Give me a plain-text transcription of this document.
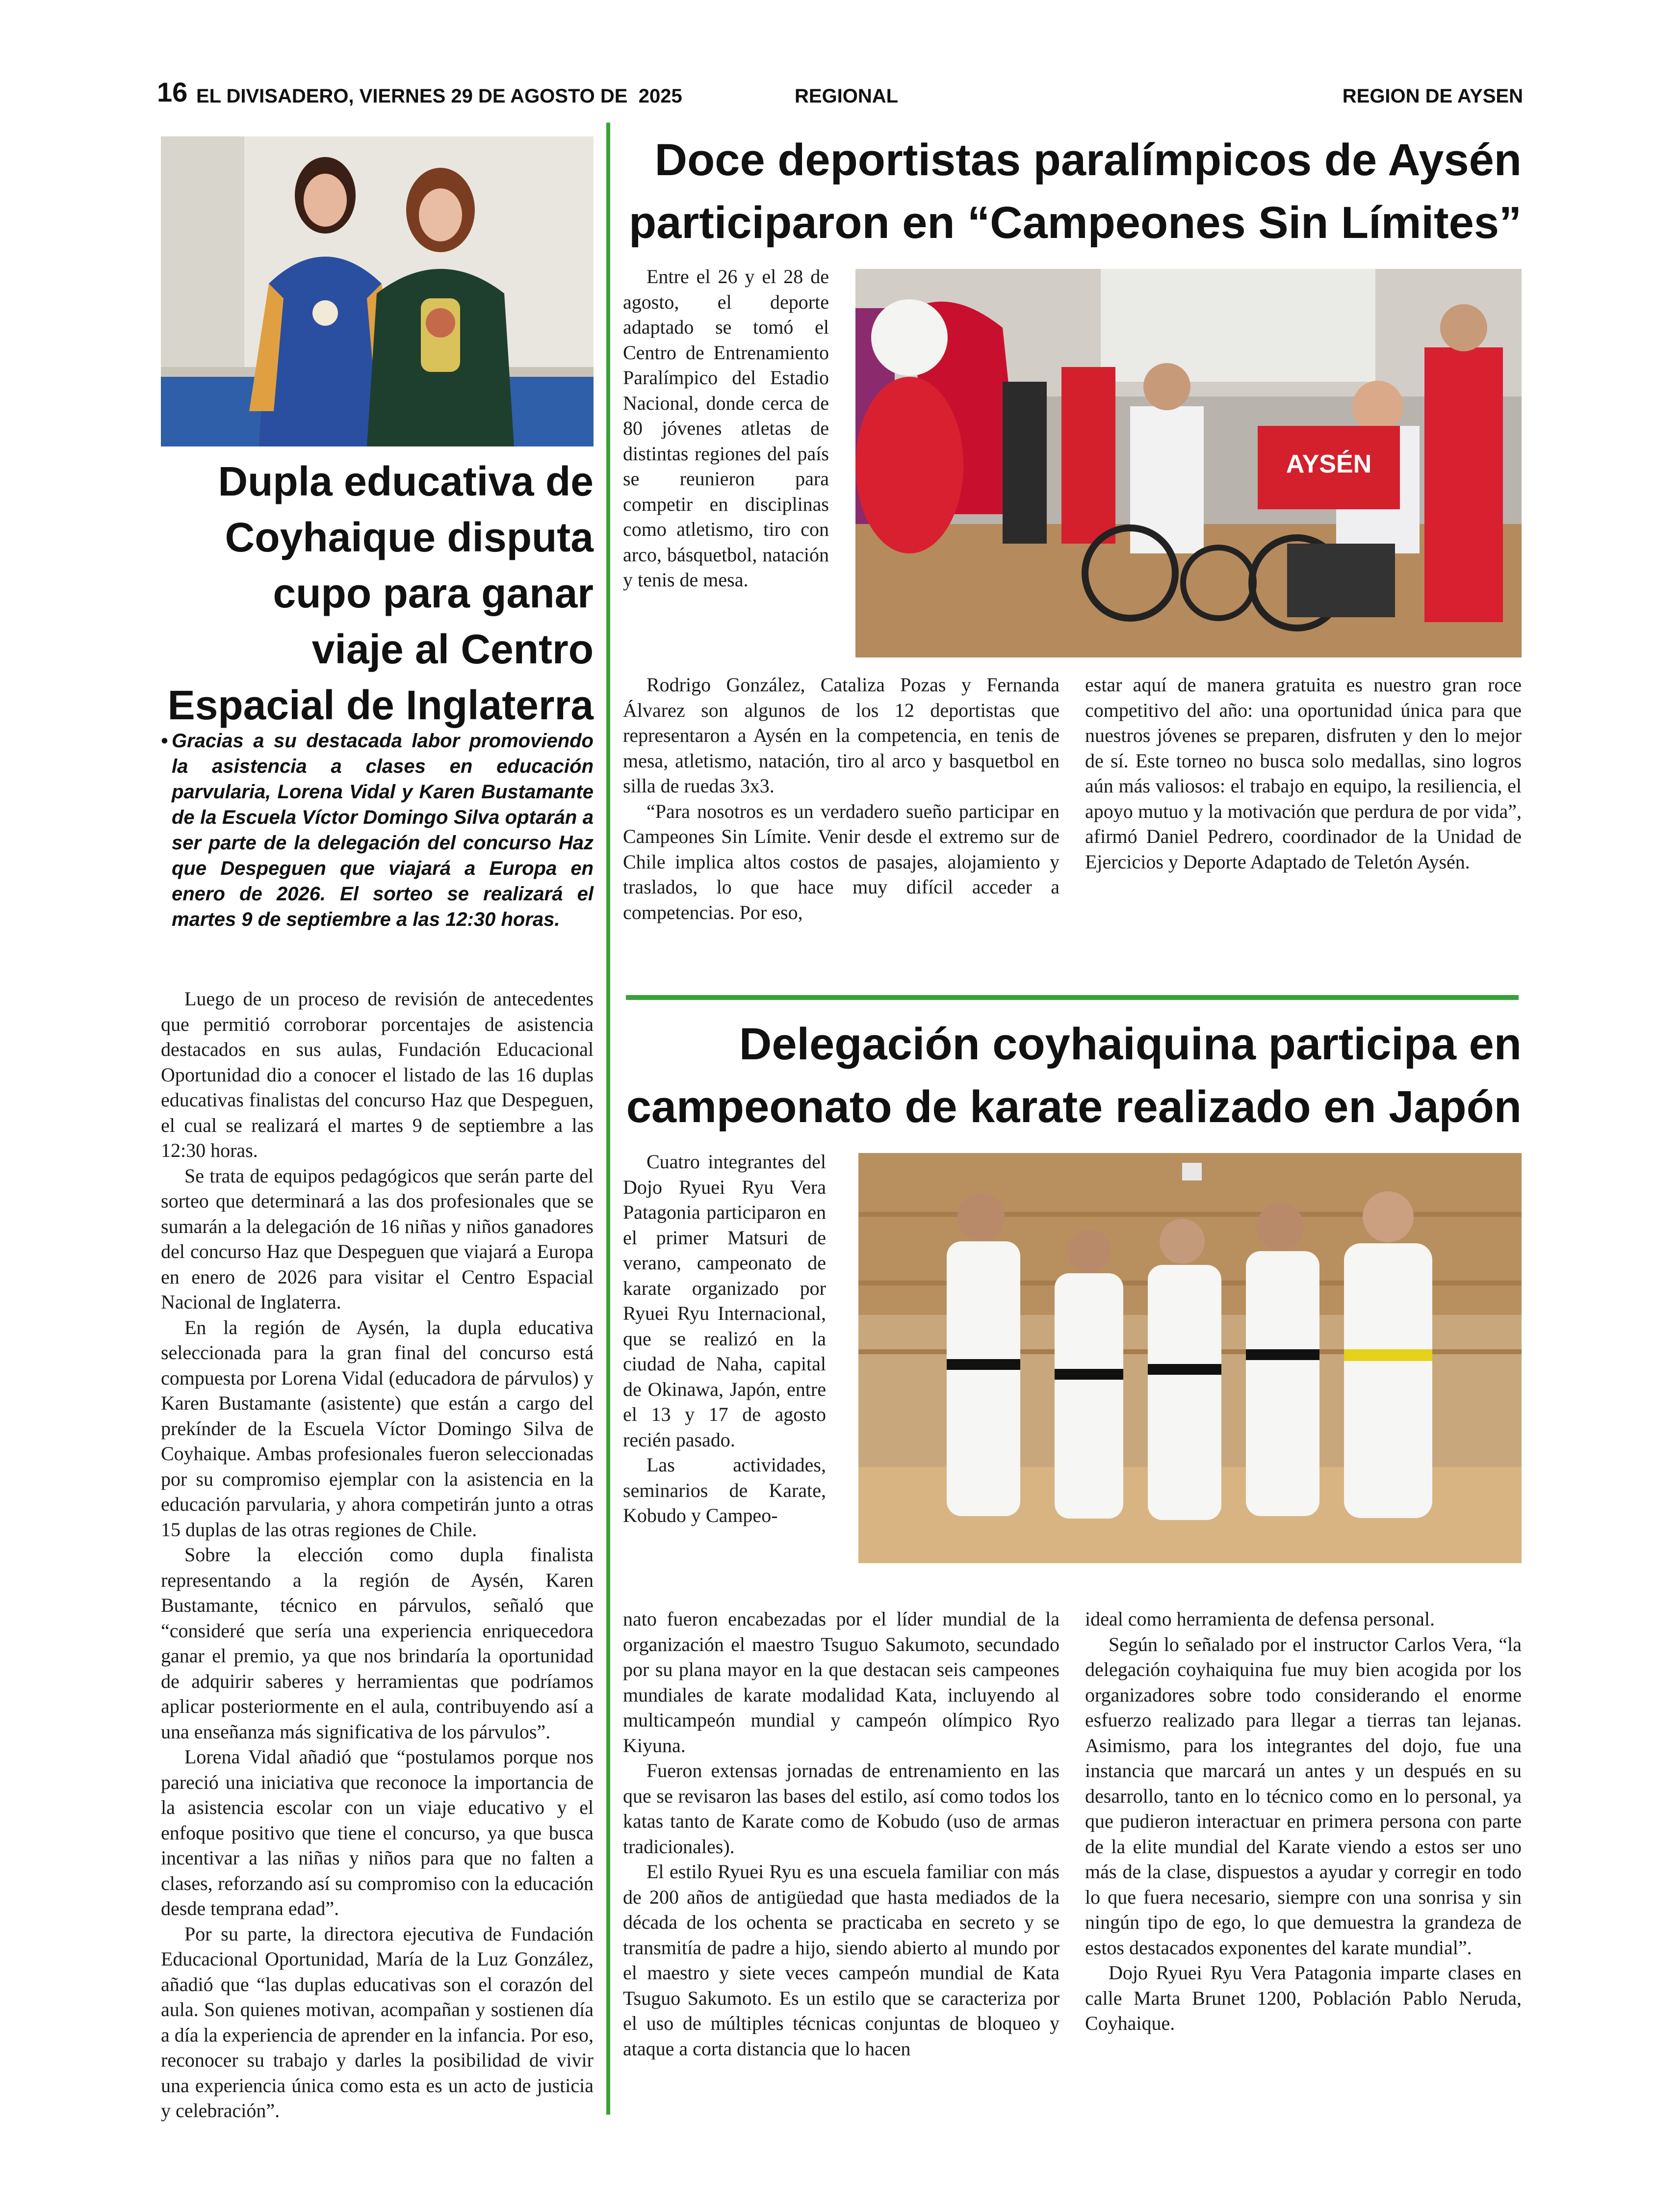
16 EL DIVISADERO, VIERNES 29 DE AGOSTO DE  2025	REGIONAL	REGION DE AYSEN
Dupla educativa de
Coyhaique disputa
cupo para ganar
viaje al Centro
Espacial de Inglaterra
• Gracias a su destacada labor promoviendo la asistencia a clases en educación parvularia, Lorena Vidal y Karen Bustamante de la Escuela Víctor Domingo Silva optarán a ser parte de la delegación del concurso Haz que Despeguen que viajará a Europa en enero de 2026. El sorteo se realizará el martes 9 de septiembre a las 12:30 horas.

Luego de un proceso de revisión de antecedentes que permitió corroborar porcentajes de asistencia destacados en sus aulas, Fundación Educacional Oportunidad dio a conocer el listado de las 16 duplas educativas finalistas del concurso Haz que Despeguen, el cual se realizará el martes 9 de septiembre a las 12:30 horas.

Se trata de equipos pedagógicos que serán parte del sorteo que determinará a las dos profesionales que se sumarán a la delegación de 16 niñas y niños ganadores del concurso Haz que Despeguen que viajará a Europa en enero de 2026 para visitar el Centro Espacial Nacional de Inglaterra.

En la región de Aysén, la dupla educativa seleccionada para la gran final del concurso está compuesta por Lorena Vidal (educadora de párvulos) y Karen Bustamante (asistente) que están a cargo del prekínder de la Escuela Víctor Domingo Silva de Coyhaique. Ambas profesionales fueron seleccionadas por su compromiso ejemplar con la asistencia en la educación parvularia, y ahora competirán junto a otras 15 duplas de las otras regiones de Chile.

Sobre la elección como dupla finalista representando a la región de Aysén, Karen Bustamante, técnico en párvulos, señaló que “consideré que sería una experiencia enriquecedora ganar el premio, ya que nos brindaría la oportunidad de adquirir saberes y herramientas que podríamos aplicar posteriormente en el aula, contribuyendo así a una enseñanza más significativa de los párvulos”.

Lorena Vidal añadió que “postulamos porque nos pareció una iniciativa que reconoce la importancia de la asistencia escolar con un viaje educativo y el enfoque positivo que tiene el concurso, ya que busca incentivar a las niñas y niños para que no falten a clases, reforzando así su compromiso con la educación desde temprana edad”.

Por su parte, la directora ejecutiva de Fundación Educacional Oportunidad, María de la Luz González, añadió que “las duplas educativas son el corazón del aula. Son quienes motivan, acompañan y sostienen día a día la experiencia de aprender en la infancia. Por eso, reconocer su trabajo y darles la posibilidad de vivir una experiencia única como esta es un acto de justicia y celebración”.

Doce deportistas paralímpicos de Aysén
participaron en “Campeones Sin Límites”

Entre el 26 y el 28 de agosto, el deporte adaptado se tomó el Centro de Entrenamiento Paralímpico del Estadio Nacional, donde cerca de 80 jóvenes atletas de distintas regiones del país se reunieron para competir en disciplinas como atletismo, tiro con arco, básquetbol, natación y tenis de mesa.

AYSÉN

Rodrigo González, Cataliza Pozas y Fernanda Álvarez son algunos de los 12 deportistas que representaron a Aysén en la competencia, en tenis de mesa, atletismo, natación, tiro al arco y basquetbol en silla de ruedas 3x3.

“Para nosotros es un verdadero sueño participar en Campeones Sin Límite. Venir desde el extremo sur de Chile implica altos costos de pasajes, alojamiento y traslados, lo que hace muy difícil acceder a competencias. Por eso,

estar aquí de manera gratuita es nuestro gran roce competitivo del año: una oportunidad única para que nuestros jóvenes se preparen, disfruten y den lo mejor de sí. Este torneo no busca solo medallas, sino logros aún más valiosos: el trabajo en equipo, la resiliencia, el apoyo mutuo y la motivación que perdura de por vida”, afirmó Daniel Pedrero, coordinador de la Unidad de Ejercicios y Deporte Adaptado de Teletón Aysén.

Delegación coyhaiquina participa en
campeonato de karate realizado en Japón

Cuatro integrantes del Dojo Ryuei Ryu Vera Patagonia participaron en el primer Matsuri de verano, campeonato de karate organizado por Ryuei Ryu Internacional, que se realizó en la ciudad de Naha, capital de Okinawa, Japón, entre el 13 y 17 de agosto recién pasado.

Las actividades, seminarios de Karate, Kobudo y Campeo-

nato fueron encabezadas por el líder mundial de la organización el maestro Tsuguo Sakumoto, secundado por su plana mayor en la que destacan seis campeones mundiales de karate modalidad Kata, incluyendo al multicampeón mundial y campeón olímpico Ryo Kiyuna.

Fueron extensas jornadas de entrenamiento en las que se revisaron las bases del estilo, así como todos los katas tanto de Karate como de Kobudo (uso de armas tradicionales).

El estilo Ryuei Ryu es una escuela familiar con más de 200 años de antigüedad que hasta mediados de la década de los ochenta se practicaba en secreto y se transmitía de padre a hijo, siendo abierto al mundo por el maestro y siete veces campeón mundial de Kata Tsuguo Sakumoto. Es un estilo que se caracteriza por el uso de múltiples técnicas conjuntas de bloqueo y ataque a corta distancia que lo hacen

ideal como herramienta de defensa personal.

Según lo señalado por el instructor Carlos Vera, “la delegación coyhaiquina fue muy bien acogida por los organizadores sobre todo considerando el enorme esfuerzo realizado para llegar a tierras tan lejanas. Asimismo, para los integrantes del dojo, fue una instancia que marcará un antes y un después en su desarrollo, tanto en lo técnico como en lo personal, ya que pudieron interactuar en primera persona con parte de la elite mundial del Karate viendo a estos ser uno más de la clase, dispuestos a ayudar y corregir en todo lo que fuera necesario, siempre con una sonrisa y sin ningún tipo de ego, lo que demuestra la grandeza de estos destacados exponentes del karate mundial”.

Dojo Ryuei Ryu Vera Patagonia imparte clases en calle Marta Brunet 1200, Población Pablo Neruda, Coyhaique.
